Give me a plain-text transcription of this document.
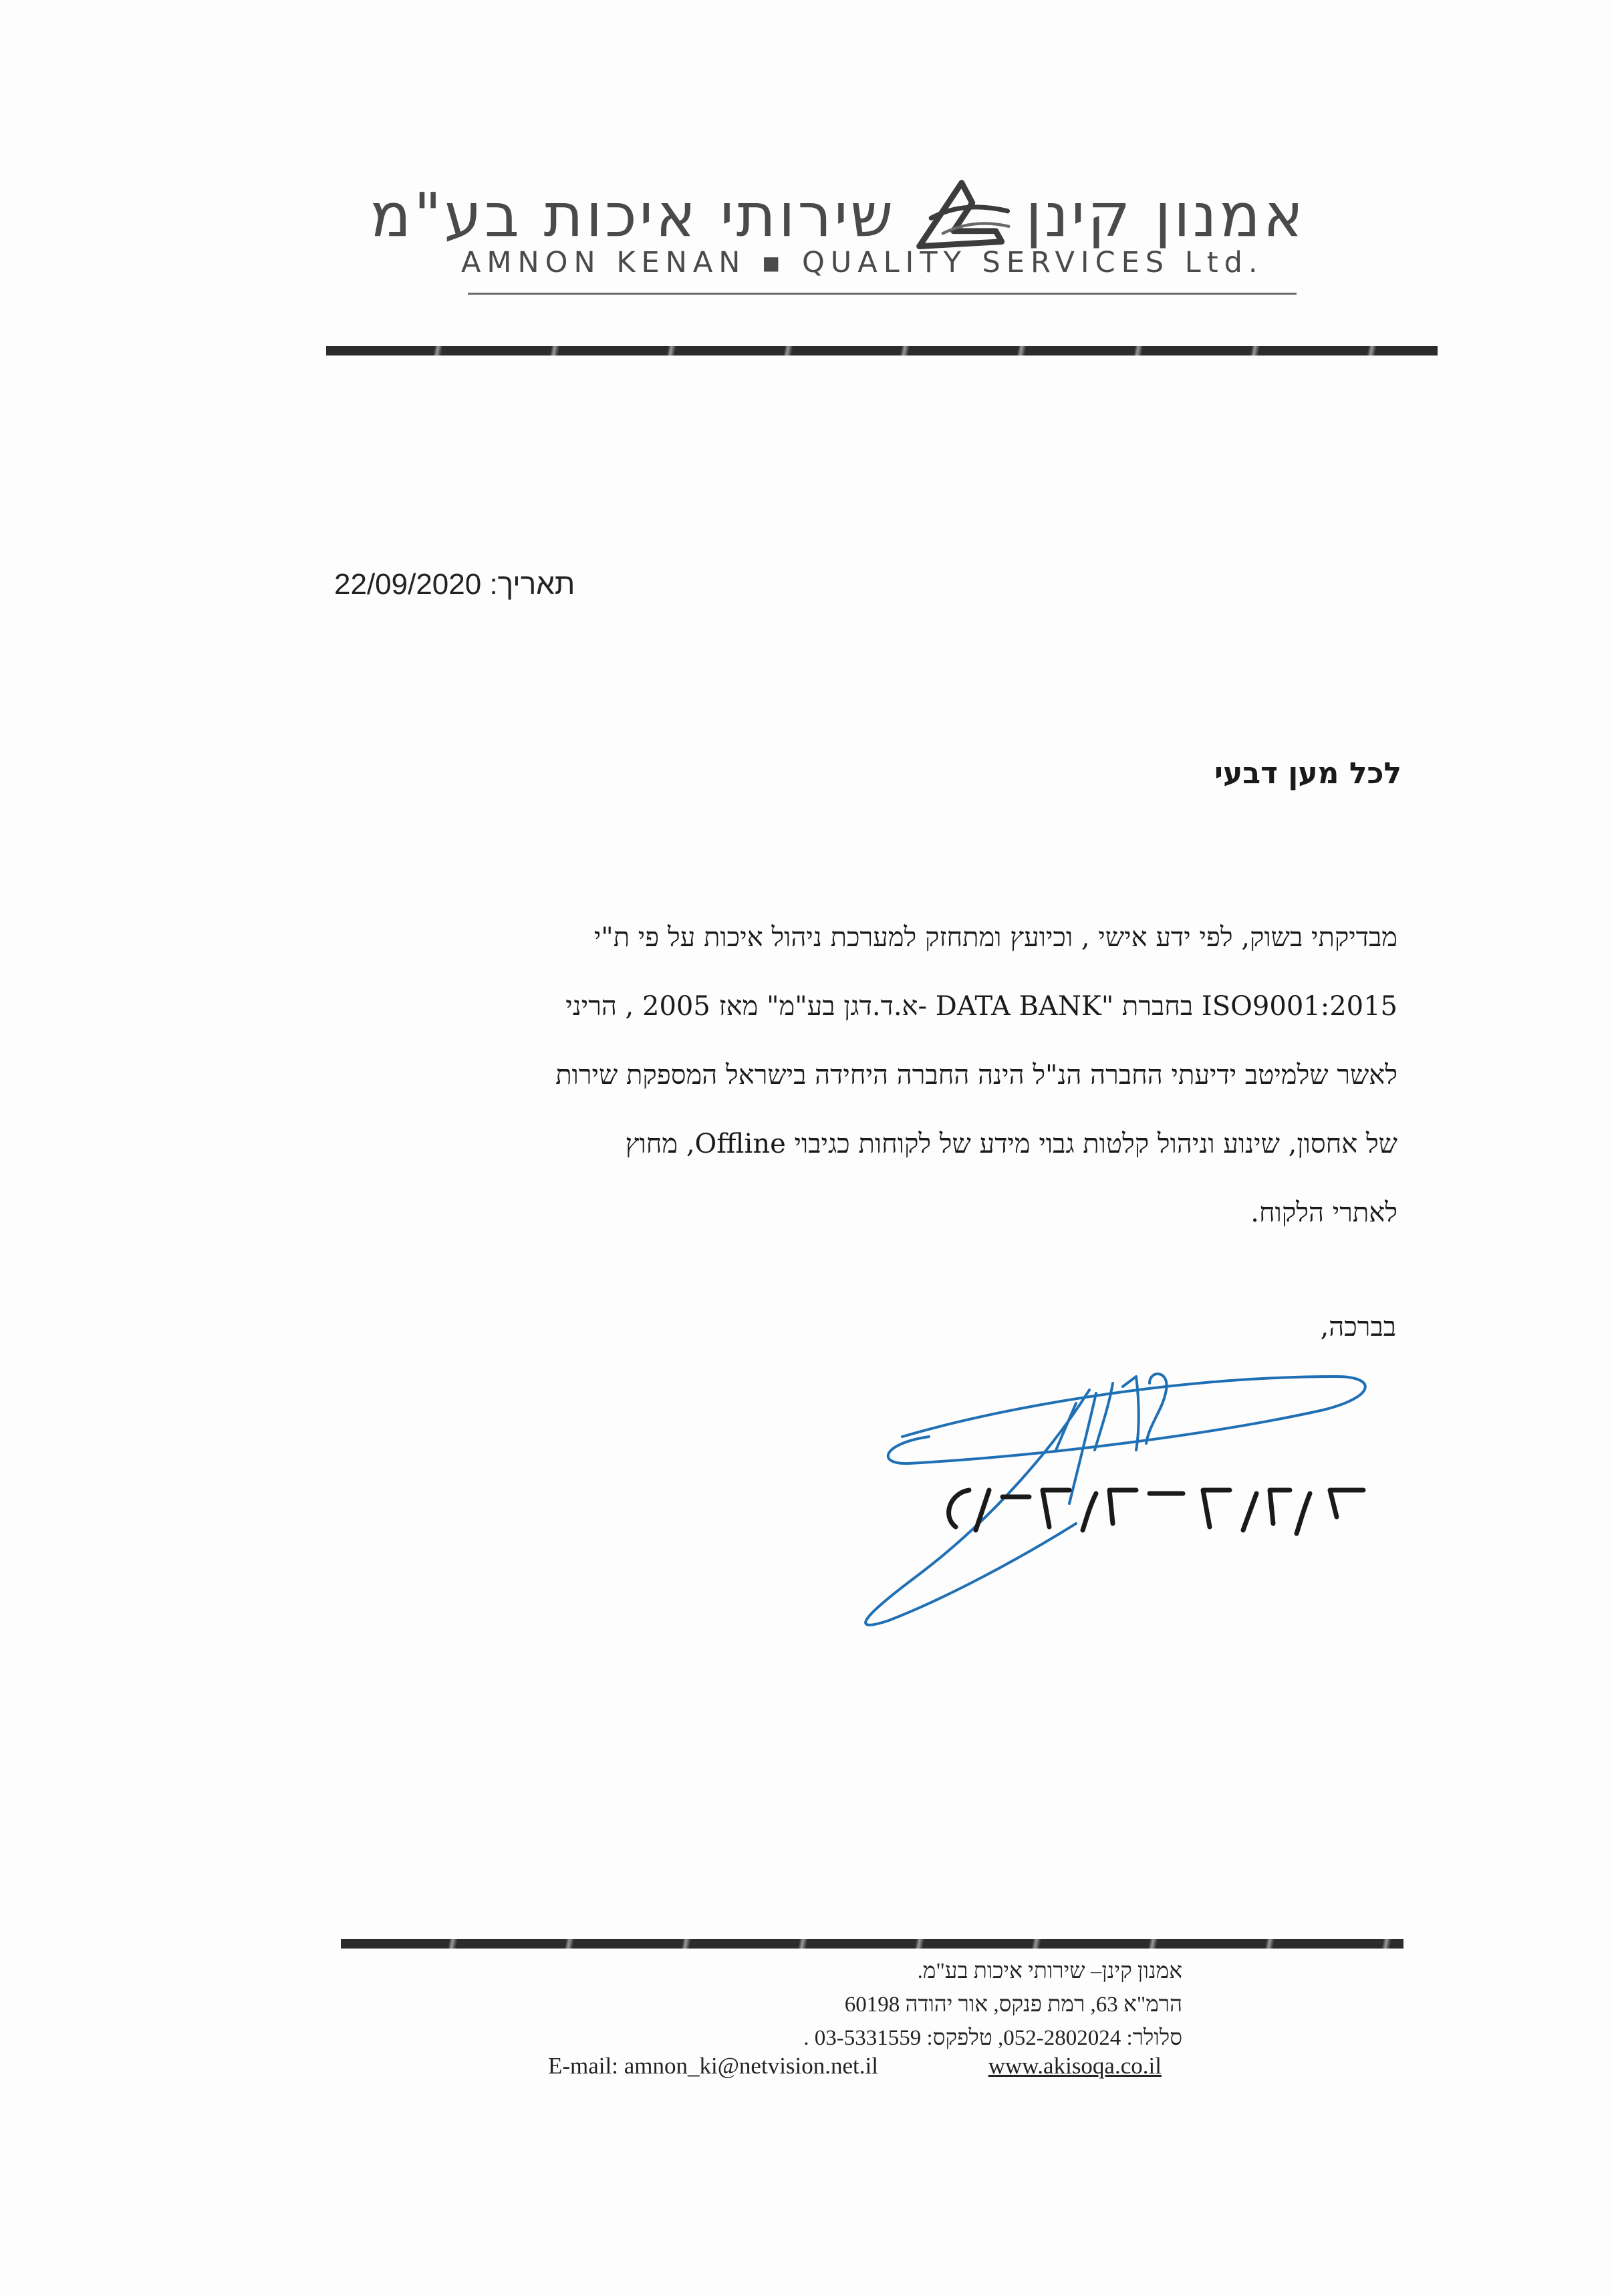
אמנון קינן
שירותי איכות בע"מ
AMNON KENAN ▪ QUALITY SERVICES Ltd.
תאריך: 22/09/2020
לכל מען דבעי
מבדיקתי בשוק, לפי ידע אישי , וכיועץ ומתחזק למערכת ניהול איכות על פי ת"י
ISO9001:2015 בחברת "DATA BANK -א.ד.דגן בע"מ" מאז 2005 , הריני
לאשר שלמיטב ידיעתי החברה הנ"ל הינה החברה היחידה בישראל המספקת שירות
של אחסון, שינוע וניהול קלטות גבוי מידע של לקוחות כגיבוי Offline, מחוץ
לאתרי הלקוח.
בברכה,
אמנון קינן– שירותי איכות בע"מ.
הרמ"א 63, רמת פנקס, אור יהודה 60198
סלולר: 052-2802024, טלפקס: 03-5331559 .
E-mail: amnon_ki@netvision.net.il	www.akisoqa.co.il
